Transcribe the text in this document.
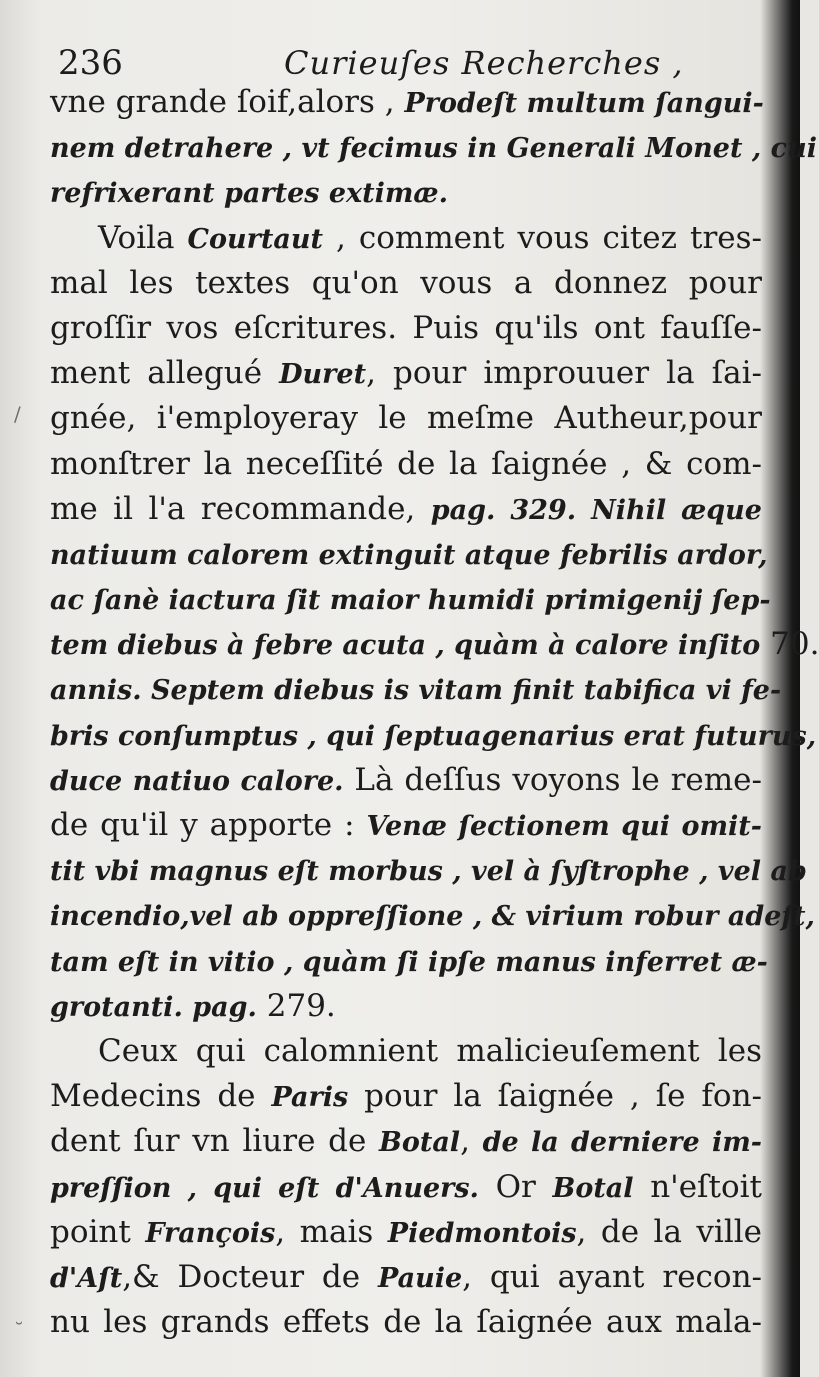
236	Curieuſes Recherches ,
vne grande ſoif,alors , Prodeſt multum ſangui-
nem detrahere , vt fecimus in Generali Monet , cui
refrixerant partes extimæ.
Voila Courtaut , comment vous citez tres-
mal les textes qu'on vous a donnez pour
groſſir vos eſcritures. Puis qu'ils ont fauſſe-
ment allegué Duret, pour improuuer la ſai-
gnée, i'employeray le meſme Autheur,pour
monſtrer la neceſſité de la ſaignée , & com-
me il l'a recommande, pag. 329. Nihil æque
natiuum calorem extinguit atque febrilis ardor,
ac ſanè iactura ſit maior humidi primigenij ſep-
tem diebus à febre acuta , quàm à calore inſito 70.
annis. Septem diebus is vitam finit tabifica vi fe-
bris conſumptus , qui ſeptuagenarius erat futurus,
duce natiuo calore. Là deſſus voyons le reme-
de qu'il y apporte : Venæ ſectionem qui omit-
tit vbi magnus eſt morbus , vel à ſyſtrophe , vel ab
incendio,vel ab oppreſſione , & virium robur adeſt,
tam eſt in vitio , quàm ſi ipſe manus inferret æ-
grotanti. pag. 279.
Ceux qui calomnient malicieuſement les
Medecins de Paris pour la ſaignée , ſe fon-
dent ſur vn liure de Botal, de la derniere im-
preſſion , qui eſt d'Anuers. Or Botal n'eſtoit
point François, mais Piedmontois, de la ville
d'Aſt,& Docteur de Pauie, qui ayant recon-
nu les grands effets de la ſaignée aux mala-
/
˘
